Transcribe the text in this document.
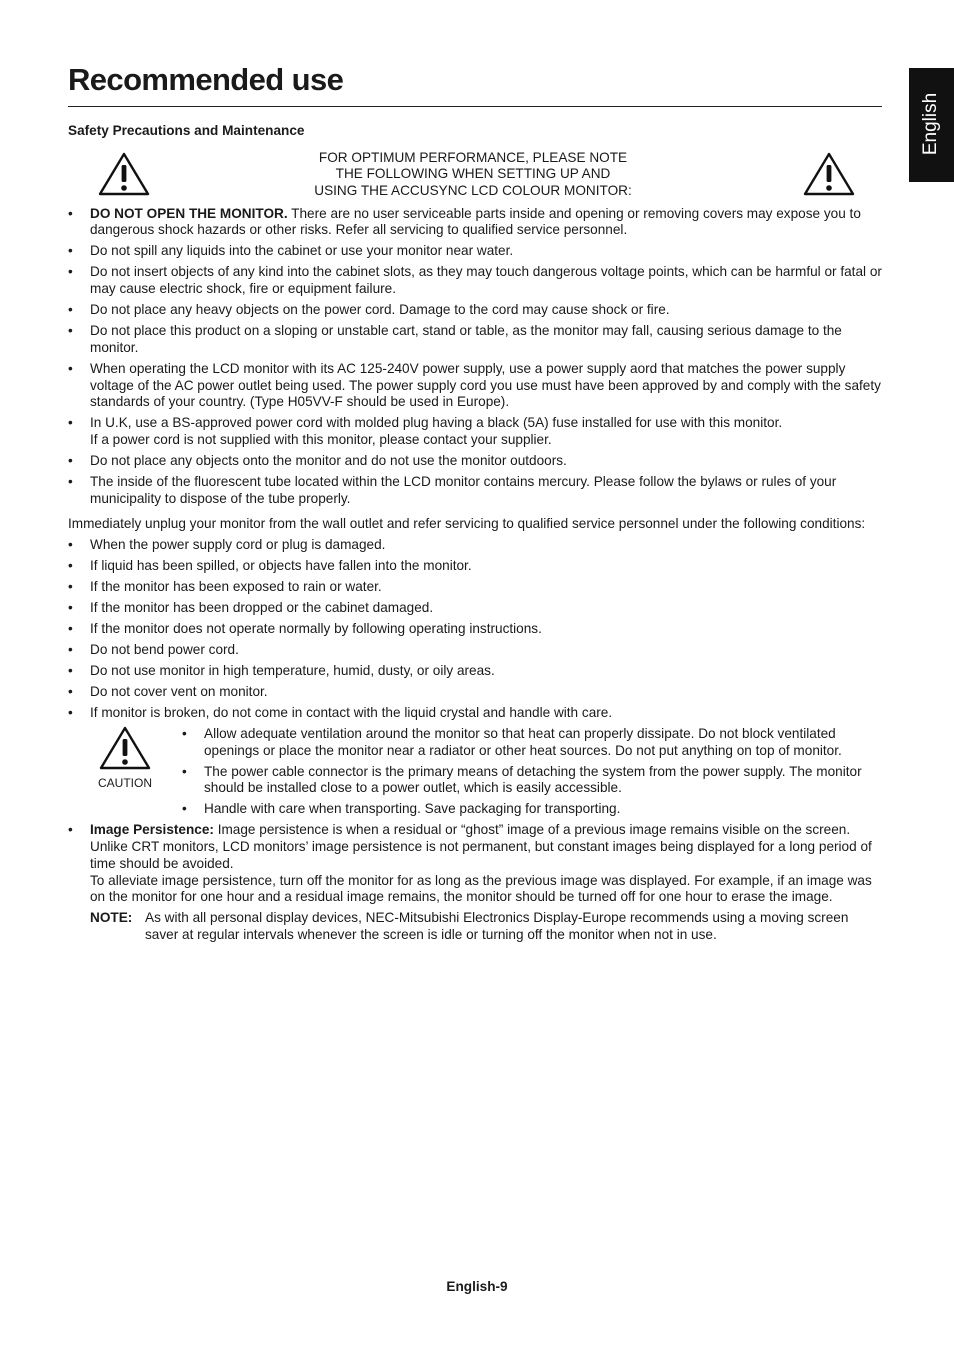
Recommended use
English
Safety Precautions and Maintenance
FOR OPTIMUM PERFORMANCE, PLEASE NOTE
THE FOLLOWING WHEN SETTING UP AND
USING THE ACCUSYNC LCD COLOUR MONITOR:
• DO NOT OPEN THE MONITOR. There are no user serviceable parts inside and opening or removing covers may expose you to dangerous shock hazards or other risks. Refer all servicing to qualified service personnel.
• Do not spill any liquids into the cabinet or use your monitor near water.
• Do not insert objects of any kind into the cabinet slots, as they may touch dangerous voltage points, which can be harmful or fatal or may cause electric shock, fire or equipment failure.
• Do not place any heavy objects on the power cord. Damage to the cord may cause shock or fire.
• Do not place this product on a sloping or unstable cart, stand or table, as the monitor may fall, causing serious damage to the monitor.
• When operating the LCD monitor with its AC 125-240V power supply, use a power supply aord that matches the power supply voltage of the AC power outlet being used. The power supply cord you use must have been approved by and comply with the safety standards of your country. (Type H05VV-F should be used in Europe).
• In U.K, use a BS-approved power cord with molded plug having a black (5A) fuse installed for use with this monitor.
If a power cord is not supplied with this monitor, please contact your supplier.
• Do not place any objects onto the monitor and do not use the monitor outdoors.
• The inside of the fluorescent tube located within the LCD monitor contains mercury. Please follow the bylaws or rules of your municipality to dispose of the tube properly.
Immediately unplug your monitor from the wall outlet and refer servicing to qualified service personnel under the following conditions:
• When the power supply cord or plug is damaged.
• If liquid has been spilled, or objects have fallen into the monitor.
• If the monitor has been exposed to rain or water.
• If the monitor has been dropped or the cabinet damaged.
• If the monitor does not operate normally by following operating instructions.
• Do not bend power cord.
• Do not use monitor in high temperature, humid, dusty, or oily areas.
• Do not cover vent on monitor.
• If monitor is broken, do not come in contact with the liquid crystal and handle with care.
CAUTION
• Allow adequate ventilation around the monitor so that heat can properly dissipate. Do not block ventilated openings or place the monitor near a radiator or other heat sources. Do not put anything on top of monitor.
• The power cable connector is the primary means of detaching the system from the power supply. The monitor should be installed close to a power outlet, which is easily accessible.
• Handle with care when transporting. Save packaging for transporting.
• Image Persistence: Image persistence is when a residual or “ghost” image of a previous image remains visible on the screen. Unlike CRT monitors, LCD monitors’ image persistence is not permanent, but constant images being displayed for a long period of time should be avoided.
To alleviate image persistence, turn off the monitor for as long as the previous image was displayed. For example, if an image was on the monitor for one hour and a residual image remains, the monitor should be turned off for one hour to erase the image.
NOTE: As with all personal display devices, NEC-Mitsubishi Electronics Display-Europe recommends using a moving screen saver at regular intervals whenever the screen is idle or turning off the monitor when not in use.
English-9
